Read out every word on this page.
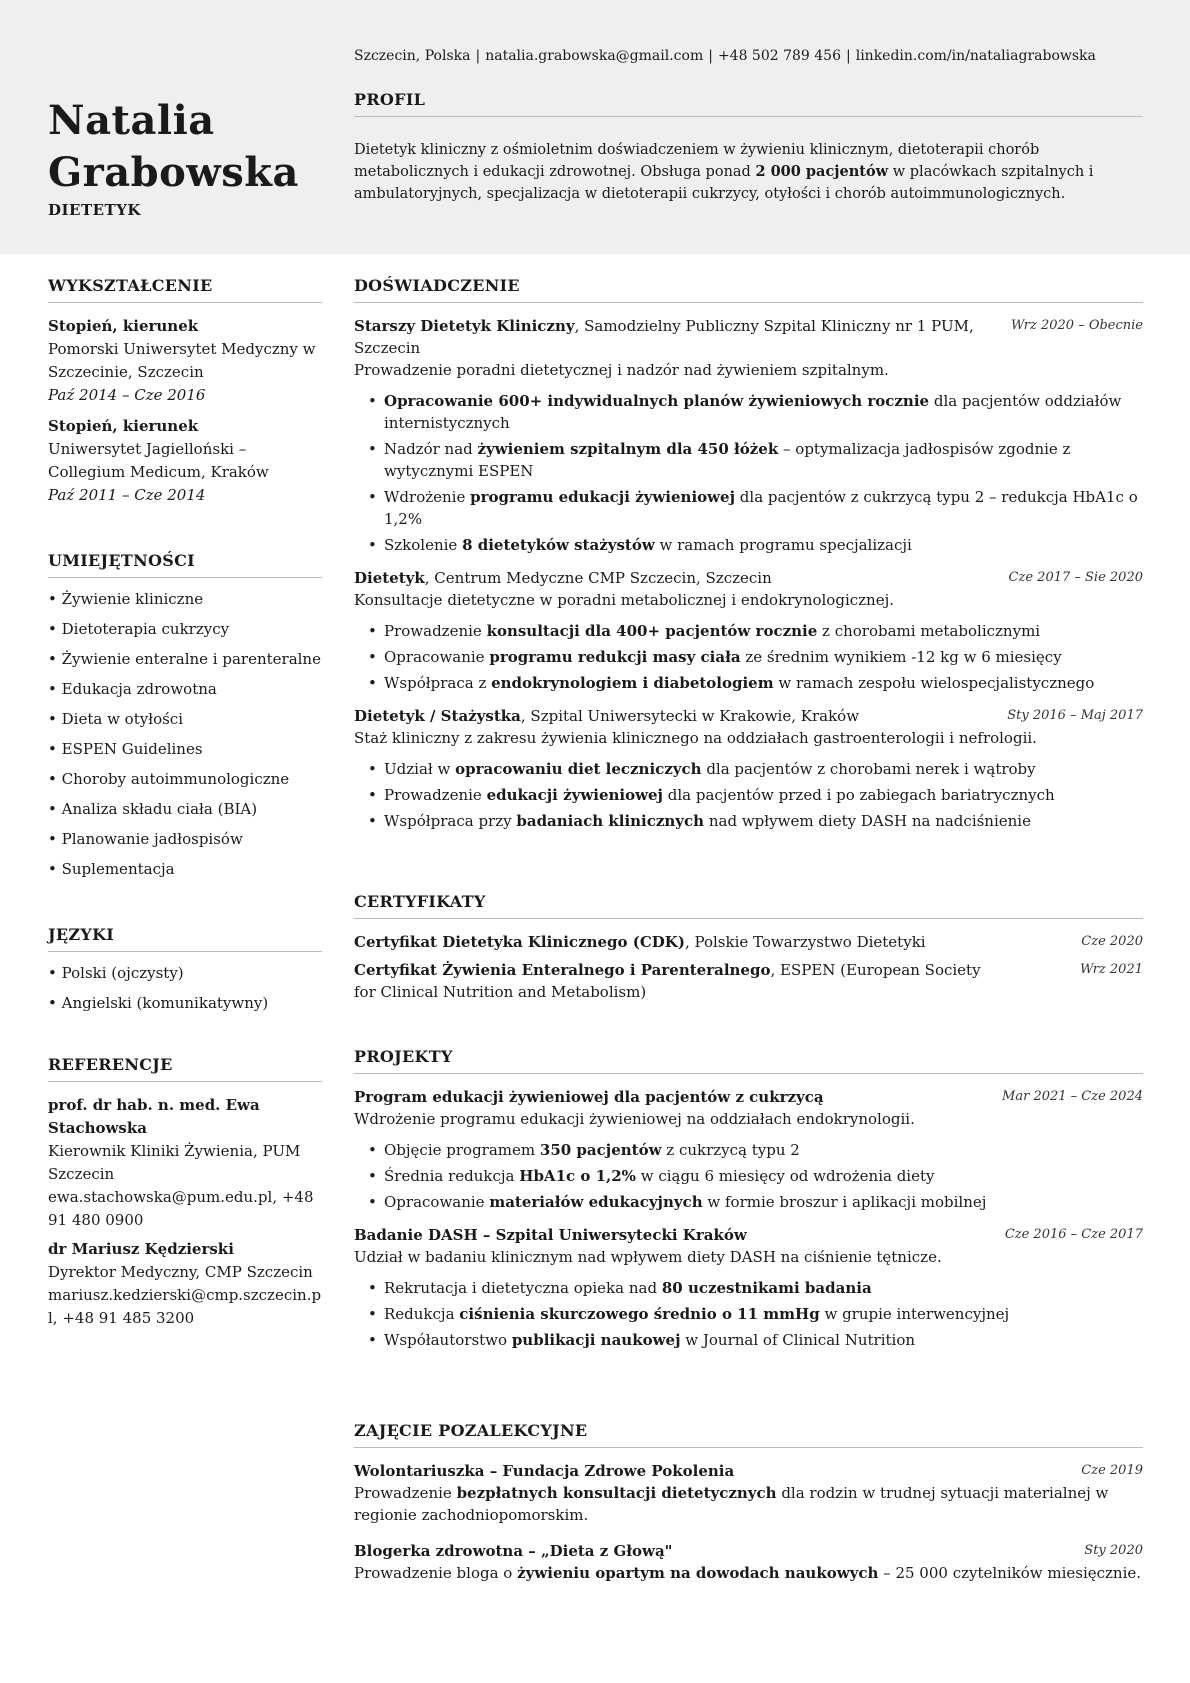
Natalia
Grabowska
DIETETYK
Szczecin, Polska | natalia.grabowska@gmail.com | +48 502 789 456 | linkedin.com/in/nataliagrabowska
PROFIL
Dietetyk kliniczny z ośmioletnim doświadczeniem w żywieniu klinicznym, dietoterapii chorób metabolicznych i edukacji zdrowotnej. Obsługa ponad 2 000 pacjentów w placówkach szpitalnych i ambulatoryjnych, specjalizacja w dietoterapii cukrzycy, otyłości i chorób autoimmunologicznych.
WYKSZTAŁCENIE
Stopień, kierunek
Pomorski Uniwersytet Medyczny w Szczecinie, Szczecin
Paź 2014 – Cze 2016
Stopień, kierunek
Uniwersytet Jagielloński – Collegium Medicum, Kraków
Paź 2011 – Cze 2014
UMIEJĘTNOŚCI
• Żywienie kliniczne
• Dietoterapia cukrzycy
• Żywienie enteralne i parenteralne
• Edukacja zdrowotna
• Dieta w otyłości
• ESPEN Guidelines
• Choroby autoimmunologiczne
• Analiza składu ciała (BIA)
• Planowanie jadłospisów
• Suplementacja
JĘZYKI
• Polski (ojczysty)
• Angielski (komunikatywny)
REFERENCJE
prof. dr hab. n. med. Ewa Stachowska
Kierownik Kliniki Żywienia, PUM Szczecin
ewa.stachowska@pum.edu.pl, +48 91 480 0900
dr Mariusz Kędzierski
Dyrektor Medyczny, CMP Szczecin
mariusz.kedzierski@cmp.szczecin.pl, +48 91 485 3200
DOŚWIADCZENIE
Starszy Dietetyk Kliniczny, Samodzielny Publiczny Szpital Kliniczny nr 1 PUM, Szczecin
Wrz 2020 – Obecnie
Prowadzenie poradni dietetycznej i nadzór nad żywieniem szpitalnym.
• Opracowanie 600+ indywidualnych planów żywieniowych rocznie dla pacjentów oddziałów internistycznych
• Nadzór nad żywieniem szpitalnym dla 450 łóżek – optymalizacja jadłospisów zgodnie z wytycznymi ESPEN
• Wdrożenie programu edukacji żywieniowej dla pacjentów z cukrzycą typu 2 – redukcja HbA1c o 1,2%
• Szkolenie 8 dietetyków stażystów w ramach programu specjalizacji
Dietetyk, Centrum Medyczne CMP Szczecin, Szczecin	Cze 2017 – Sie 2020
Konsultacje dietetyczne w poradni metabolicznej i endokrynologicznej.
• Prowadzenie konsultacji dla 400+ pacjentów rocznie z chorobami metabolicznymi
• Opracowanie programu redukcji masy ciała ze średnim wynikiem -12 kg w 6 miesięcy
• Współpraca z endokrynologiem i diabetologiem w ramach zespołu wielospecjalistycznego
Dietetyk / Stażystka, Szpital Uniwersytecki w Krakowie, Kraków	Sty 2016 – Maj 2017
Staż kliniczny z zakresu żywienia klinicznego na oddziałach gastroenterologii i nefrologii.
• Udział w opracowaniu diet leczniczych dla pacjentów z chorobami nerek i wątroby
• Prowadzenie edukacji żywieniowej dla pacjentów przed i po zabiegach bariatrycznych
• Współpraca przy badaniach klinicznych nad wpływem diety DASH na nadciśnienie
CERTYFIKATY
Certyfikat Dietetyka Klinicznego (CDK), Polskie Towarzystwo Dietetyki	Cze 2020
Certyfikat Żywienia Enteralnego i Parenteralnego, ESPEN (European Society for Clinical Nutrition and Metabolism)
Wrz 2021
PROJEKTY
Program edukacji żywieniowej dla pacjentów z cukrzycą	Mar 2021 – Cze 2024
Wdrożenie programu edukacji żywieniowej na oddziałach endokrynologii.
• Objęcie programem 350 pacjentów z cukrzycą typu 2
• Średnia redukcja HbA1c o 1,2% w ciągu 6 miesięcy od wdrożenia diety
• Opracowanie materiałów edukacyjnych w formie broszur i aplikacji mobilnej
Badanie DASH – Szpital Uniwersytecki Kraków	Cze 2016 – Cze 2017
Udział w badaniu klinicznym nad wpływem diety DASH na ciśnienie tętnicze.
• Rekrutacja i dietetyczna opieka nad 80 uczestnikami badania
• Redukcja ciśnienia skurczowego średnio o 11 mmHg w grupie interwencyjnej
• Współautorstwo publikacji naukowej w Journal of Clinical Nutrition
ZAJĘCIE POZALEKCYJNE
Wolontariuszka – Fundacja Zdrowe Pokolenia	Cze 2019
Prowadzenie bezpłatnych konsultacji dietetycznych dla rodzin w trudnej sytuacji materialnej w regionie zachodniopomorskim.
Blogerka zdrowotna – „Dieta z Głową"	Sty 2020
Prowadzenie bloga o żywieniu opartym na dowodach naukowych – 25 000 czytelników miesięcznie.
